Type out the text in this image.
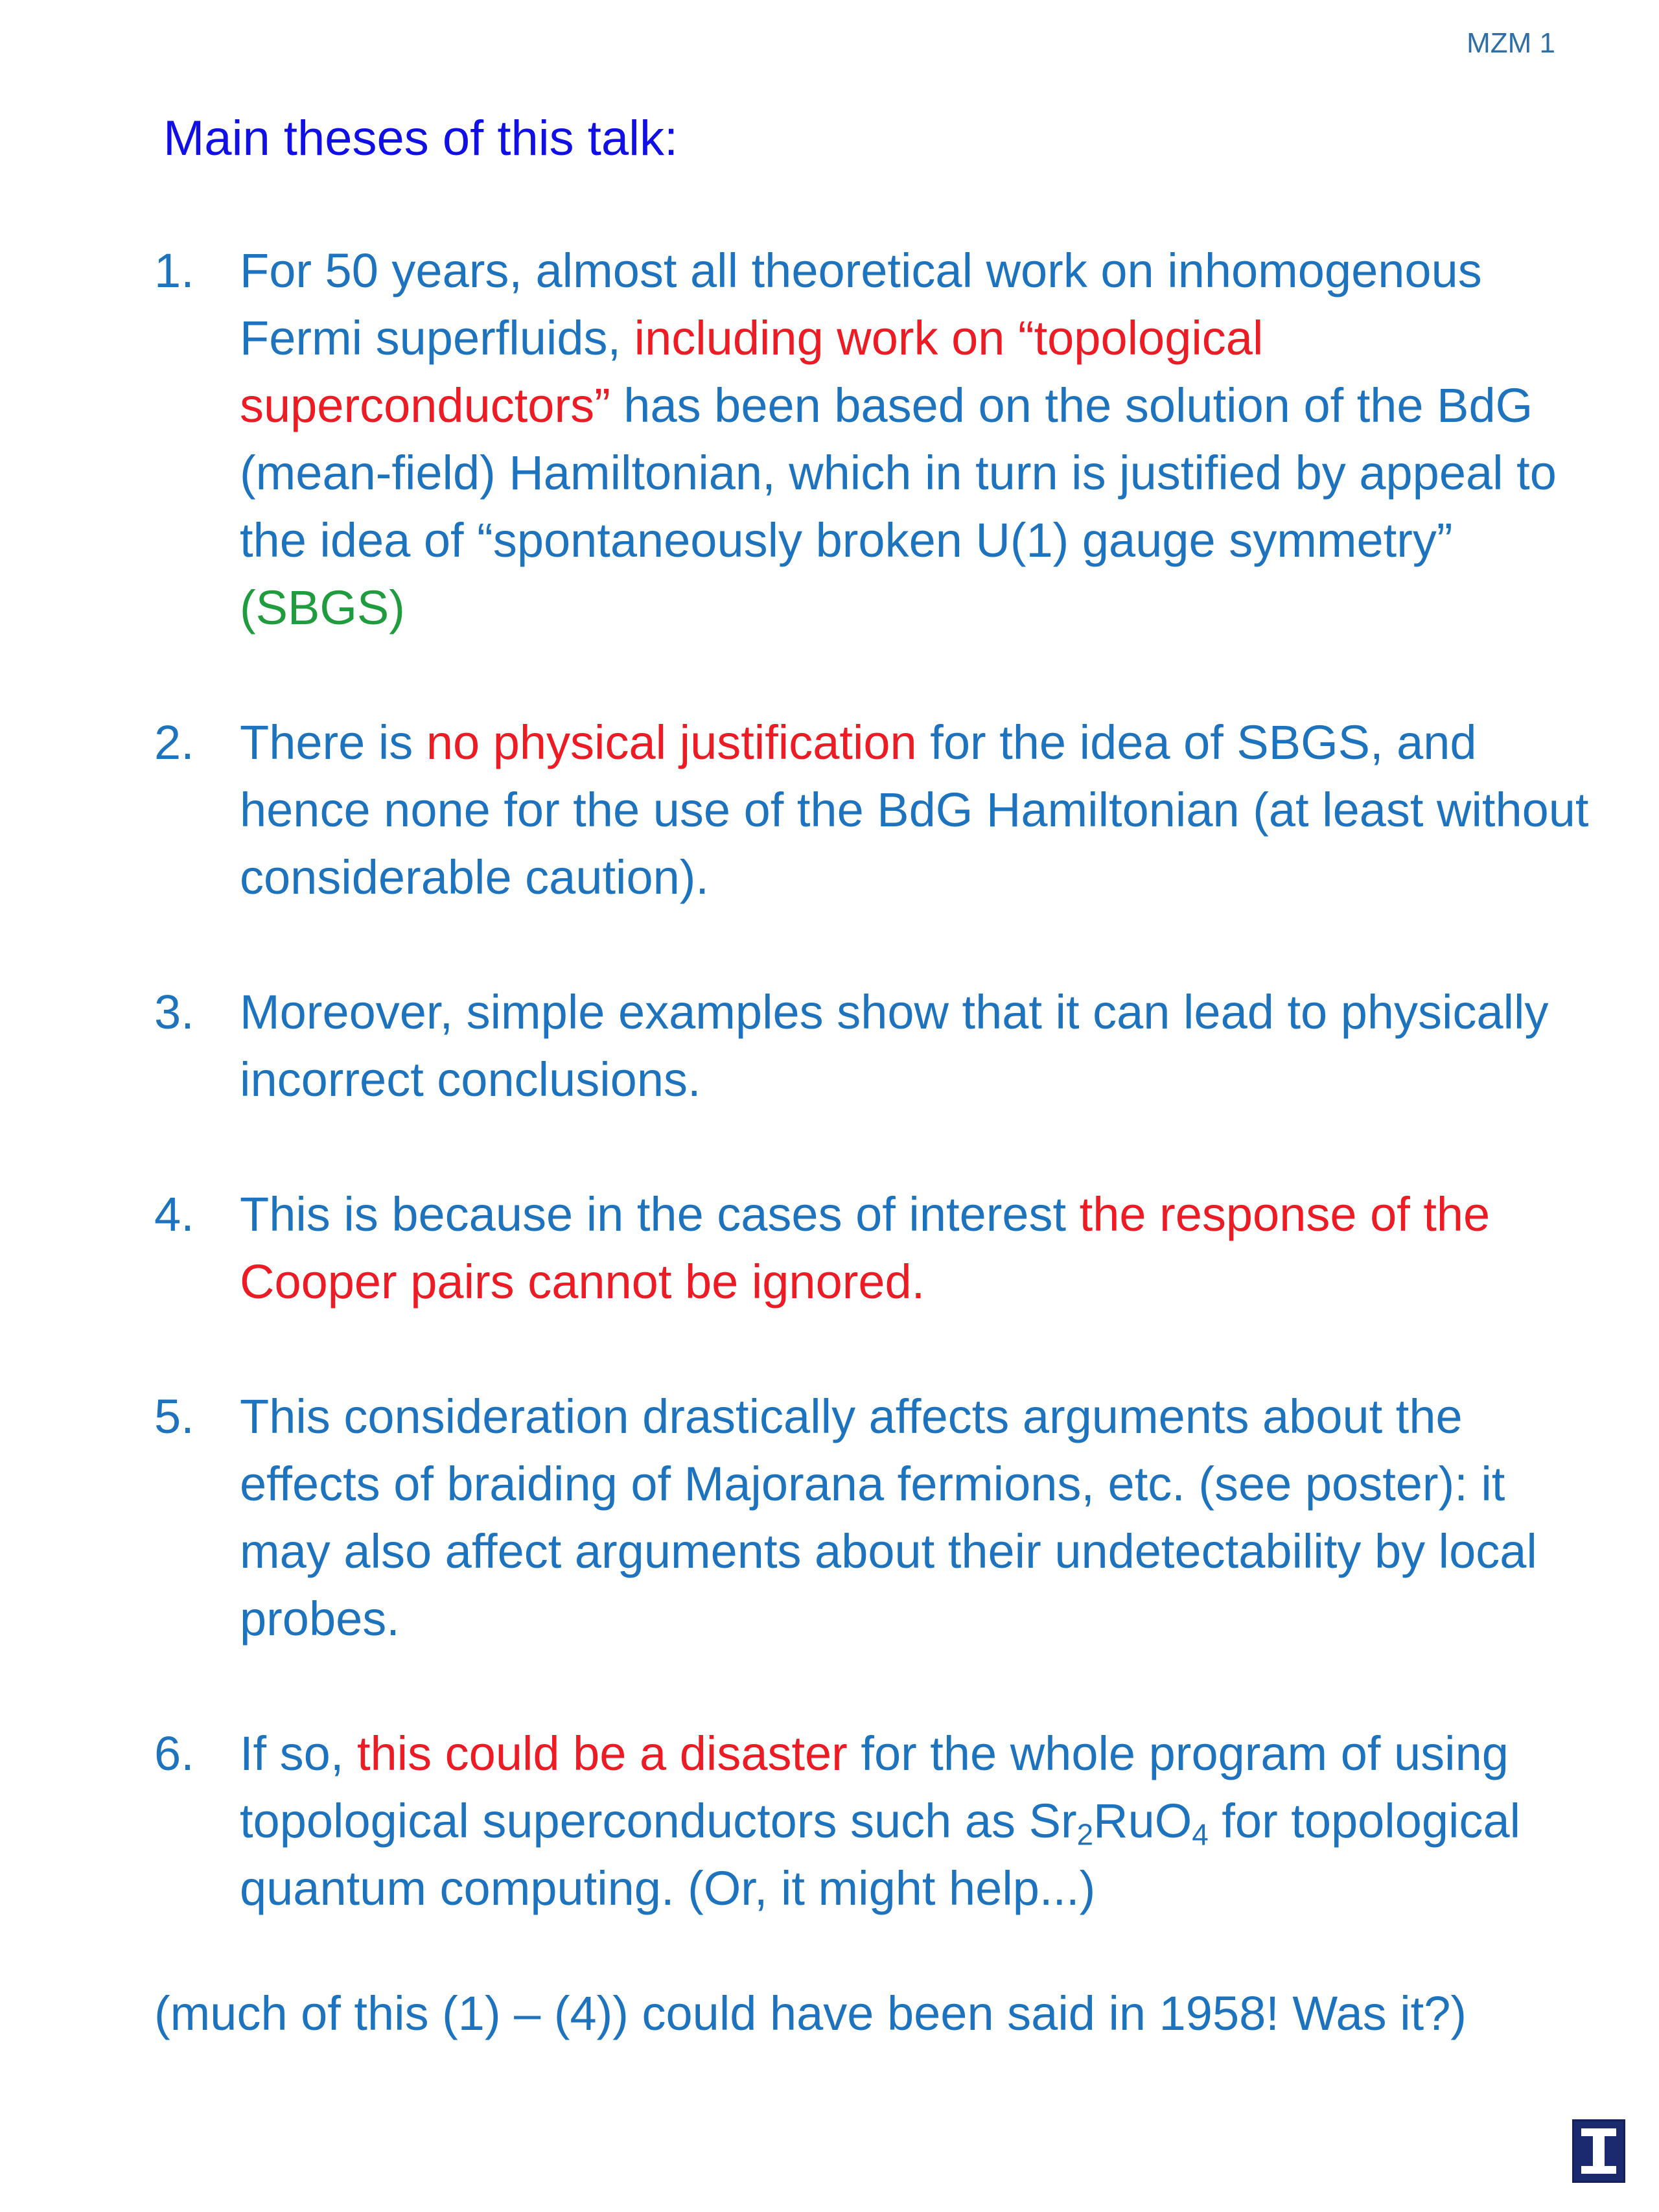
MZM 1
Main theses of this talk:
1. For 50 years, almost all theoretical work on inhomogenous Fermi superfluids, including work on “topological superconductors” has been based on the solution of the BdG (mean-field) Hamiltonian, which in turn is justified by appeal to the idea of “spontaneously broken U(1) gauge symmetry” (SBGS)
2. There is no physical justification for the idea of SBGS, and hence none for the use of the BdG Hamiltonian (at least without considerable caution).
3. Moreover, simple examples show that it can lead to physically incorrect conclusions.
4. This is because in the cases of interest the response of the Cooper pairs cannot be ignored.
5. This consideration drastically affects arguments about the effects of braiding of Majorana fermions, etc. (see poster): it may also affect arguments about their undetectability by local probes.
6. If so, this could be a disaster for the whole program of using topological superconductors such as $Sr_2RuO_4$ for topological quantum computing. (Or, it might help...)
(much of this (1) – (4)) could have been said in 1958! Was it?)
